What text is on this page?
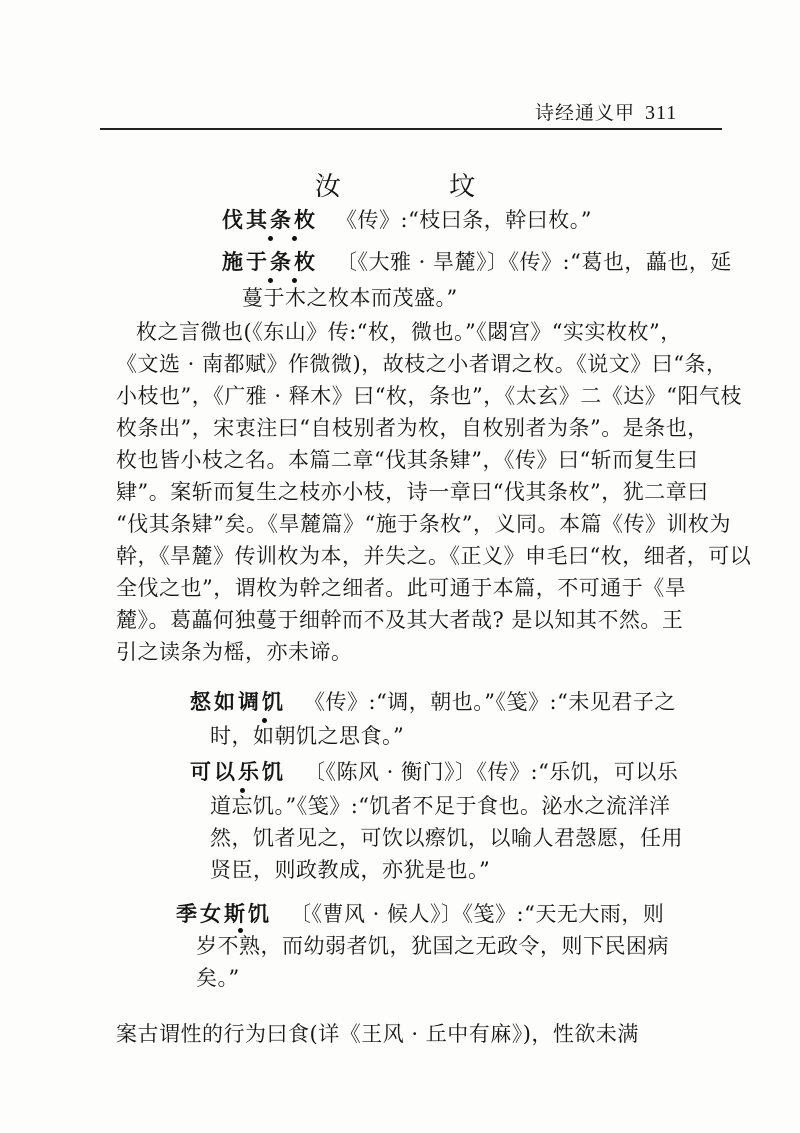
诗经通义甲 311
汝 坟
伐其条枚 《传》:“枝曰条，幹曰枚。”
施于条枚 〔《大雅 · 旱麓》〕《传》:“葛也，藟也，延
蔓于木之枚本而茂盛。”
枚之言微也(《东山》传:“枚，微也。”《閟宫》“实实枚枚”，
《文选 · 南都赋》作微微)，故枝之小者谓之枚。《说文》曰“条，
小枝也”，《广雅 · 释木》曰“枚，条也”，《太玄》二《达》“阳气枝
枚条出”，宋衷注曰“自枝别者为枚，自枚别者为条”。是条也，
枚也皆小枝之名。本篇二章“伐其条肄”，《传》曰“斩而复生曰
肄”。案斩而复生之枝亦小枝，诗一章曰“伐其条枚”，犹二章曰
“伐其条肄”矣。《旱麓篇》“施于条枚”，义同。本篇《传》训枚为
幹，《旱麓》传训枚为本，并失之。《正义》申毛曰“枚，细者，可以
全伐之也”，谓枚为幹之细者。此可通于本篇，不可通于《旱
麓》。葛藟何独蔓于细幹而不及其大者哉? 是以知其不然。王
引之读条为榣，亦未谛。
惄如调饥 《传》:“调，朝也。”《笺》:“未见君子之
时，如朝饥之思食。”
可以乐饥 〔《陈风 · 衡门》〕《传》:“乐饥，可以乐
道忘饥。”《笺》:“饥者不足于食也。泌水之流洋洋
然，饥者见之，可饮以瘵饥，以喻人君愨愿，任用
贤臣，则政教成，亦犹是也。”
季女斯饥 〔《曹风 · 候人》〕《笺》:“天无大雨，则
岁不熟，而幼弱者饥，犹国之无政令，则下民困病
矣。”
案古谓性的行为曰食(详《王风 · 丘中有麻》)，性欲未满
